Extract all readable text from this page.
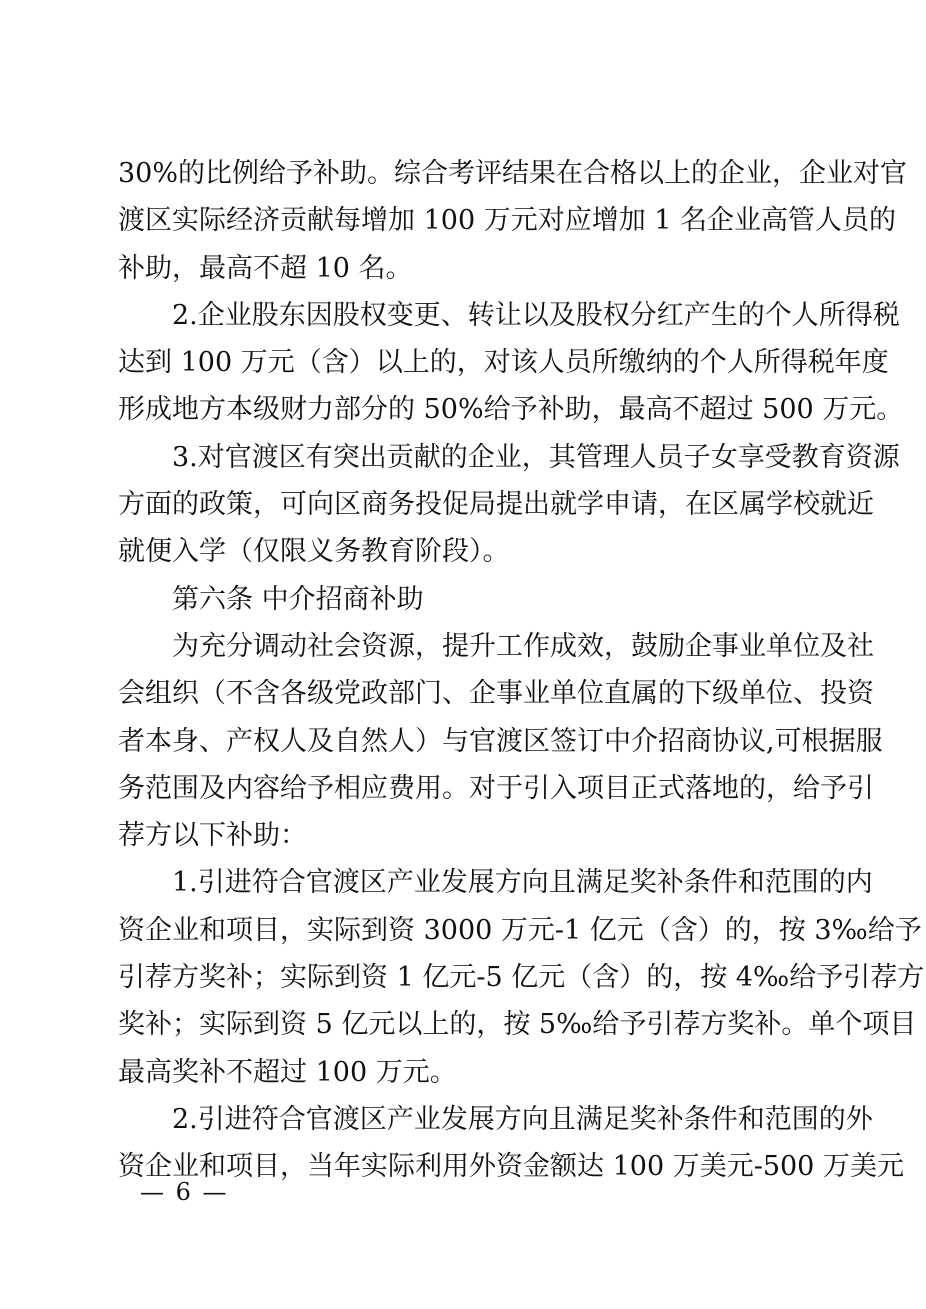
30%的比例给予补助。综合考评结果在合格以上的企业，企业对官
渡区实际经济贡献每增加 100 万元对应增加 1 名企业高管人员的
补助，最高不超 10 名。
2.企业股东因股权变更、转让以及股权分红产生的个人所得税
达到 100 万元（含）以上的，对该人员所缴纳的个人所得税年度
形成地方本级财力部分的 50%给予补助，最高不超过 500 万元。
3.对官渡区有突出贡献的企业，其管理人员子女享受教育资源
方面的政策，可向区商务投促局提出就学申请，在区属学校就近
就便入学（仅限义务教育阶段）。
第六条 中介招商补助
为充分调动社会资源，提升工作成效，鼓励企事业单位及社
会组织（不含各级党政部门、企事业单位直属的下级单位、投资
者本身、产权人及自然人）与官渡区签订中介招商协议,可根据服
务范围及内容给予相应费用。对于引入项目正式落地的，给予引
荐方以下补助：
1.引进符合官渡区产业发展方向且满足奖补条件和范围的内
资企业和项目，实际到资 3000 万元-1 亿元（含）的，按 3‰给予
引荐方奖补；实际到资 1 亿元-5 亿元（含）的，按 4‰给予引荐方
奖补；实际到资 5 亿元以上的，按 5‰给予引荐方奖补。单个项目
最高奖补不超过 100 万元。
2.引进符合官渡区产业发展方向且满足奖补条件和范围的外
资企业和项目，当年实际利用外资金额达 100 万美元-500 万美元
— 6 —
